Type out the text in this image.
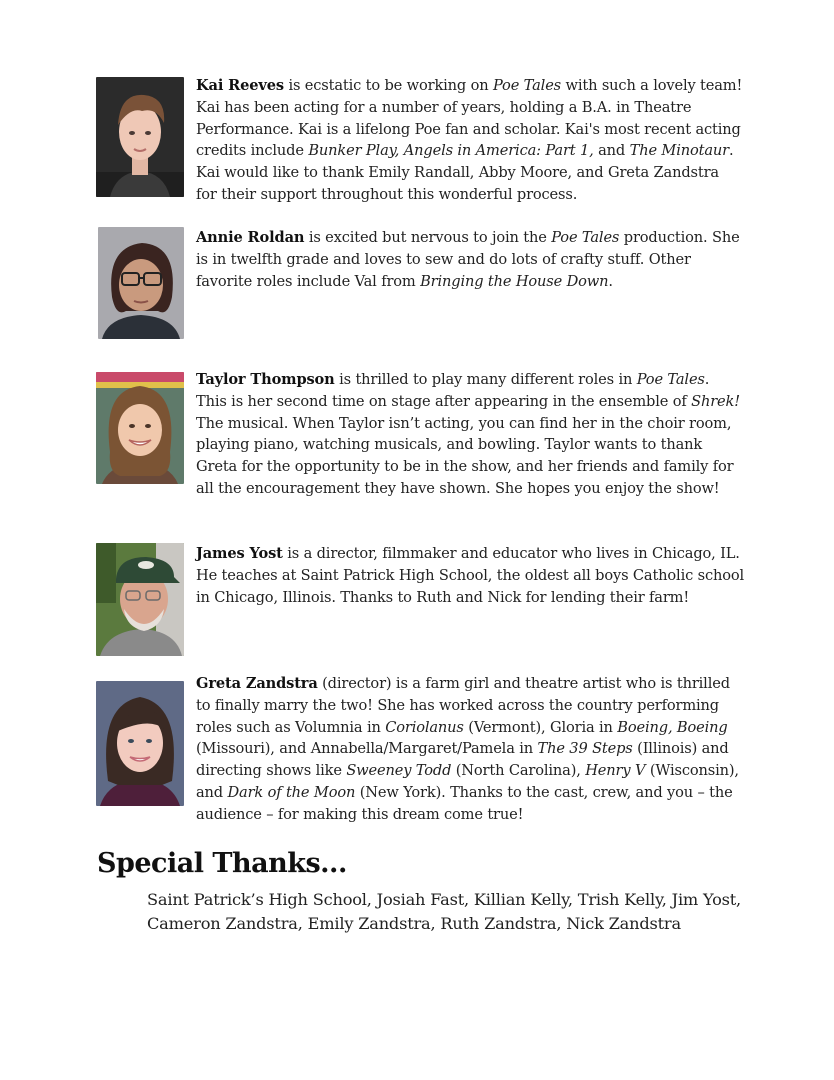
Kai Reeves is ecstatic to be working on Poe Tales with such a lovely team! Kai has been acting for a number of years, holding a B.A. in Theatre Performance. Kai is a lifelong Poe fan and scholar. Kai's most recent acting credits include Bunker Play, Angels in America: Part 1, and The Minotaur. Kai would like to thank Emily Randall, Abby Moore, and Greta Zandstra for their support throughout this wonderful process.

Annie Roldan is excited but nervous to join the Poe Tales production. She is in twelfth grade and loves to sew and do lots of crafty stuff. Other favorite roles include Val from Bringing the House Down.

Taylor Thompson is thrilled to play many different roles in Poe Tales. This is her second time on stage after appearing in the ensemble of Shrek! The musical. When Taylor isn’t acting, you can find her in the choir room, playing piano, watching musicals, and bowling. Taylor wants to thank Greta for the opportunity to be in the show, and her friends and family for all the encouragement they have shown. She hopes you enjoy the show!

James Yost is a director, filmmaker and educator who lives in Chicago, IL. He teaches at Saint Patrick High School, the oldest all boys Catholic school in Chicago, Illinois. Thanks to Ruth and Nick for lending their farm!

Greta Zandstra (director) is a farm girl and theatre artist who is thrilled to finally marry the two! She has worked across the country performing roles such as Volumnia in Coriolanus (Vermont), Gloria in Boeing, Boeing (Missouri), and Annabella/Margaret/Pamela in The 39 Steps (Illinois) and directing shows like Sweeney Todd (North Carolina), Henry V (Wisconsin), and Dark of the Moon (New York). Thanks to the cast, crew, and you – the audience – for making this dream come true!

Special Thanks...

Saint Patrick’s High School, Josiah Fast, Killian Kelly, Trish Kelly, Jim Yost, Cameron Zandstra, Emily Zandstra, Ruth Zandstra, Nick Zandstra
